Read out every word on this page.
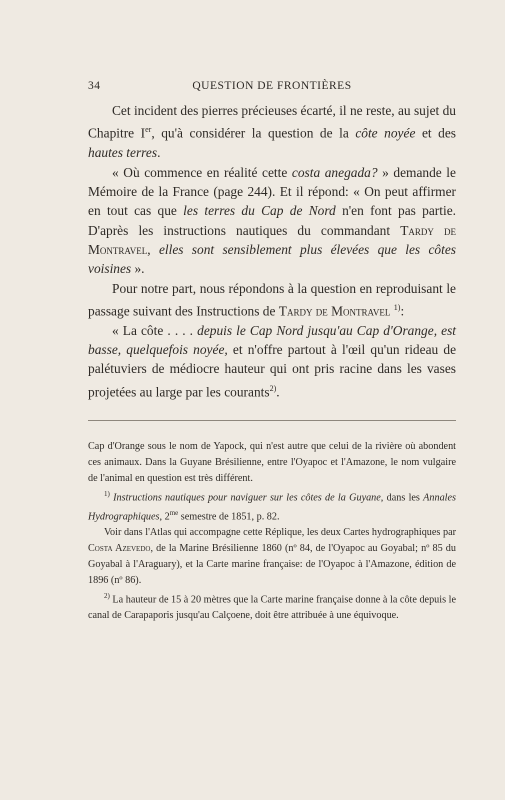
34	QUESTION DE FRONTIÈRES

Cet incident des pierres précieuses écarté, il ne reste, au sujet du Chapitre Ier, qu'à considérer la question de la côte noyée et des hautes terres.

« Où commence en réalité cette costa anegada? » demande le Mémoire de la France (page 244). Et il répond: « On peut affirmer en tout cas que les terres du Cap de Nord n'en font pas partie. D'après les instructions nautiques du commandant Tardy de Montravel, elles sont sensiblement plus élevées que les côtes voisines ».

Pour notre part, nous répondons à la question en reproduisant le passage suivant des Instructions de Tardy de Montravel $^{1)}$:

« La côte . . . . depuis le Cap Nord jusqu'au Cap d'Orange, est basse, quelquefois noyée, et n'offre partout à l'œil qu'un rideau de palétuviers de médiocre hauteur qui ont pris racine dans les vases projetées au large par les courants$^{2)}$.

Cap d'Orange sous le nom de Yapock, qui n'est autre que celui de la rivière où abondent ces animaux. Dans la Guyane Brésilienne, entre l'Oyapoc et l'Amazone, le nom vulgaire de l'animal en question est très différent.

$^{1)}$ Instructions nautiques pour naviguer sur les côtes de la Guyane, dans les Annales Hydrographiques, $2^{me}$ semestre de 1851, p. 82.

Voir dans l'Atlas qui accompagne cette Réplique, les deux Cartes hydrographiques par Costa Azevedo, de la Marine Brésilienne 1860 (nº 84, de l'Oyapoc au Goyabal; nº 85 du Goyabal à l'Araguary), et la Carte marine française: de l'Oyapoc à l'Amazone, édition de 1896 (nº 86).

$^{2)}$ La hauteur de 15 à 20 mètres que la Carte marine française donne à la côte depuis le canal de Carapaporis jusqu'au Calçoene, doit être attribuée à une équivoque.
